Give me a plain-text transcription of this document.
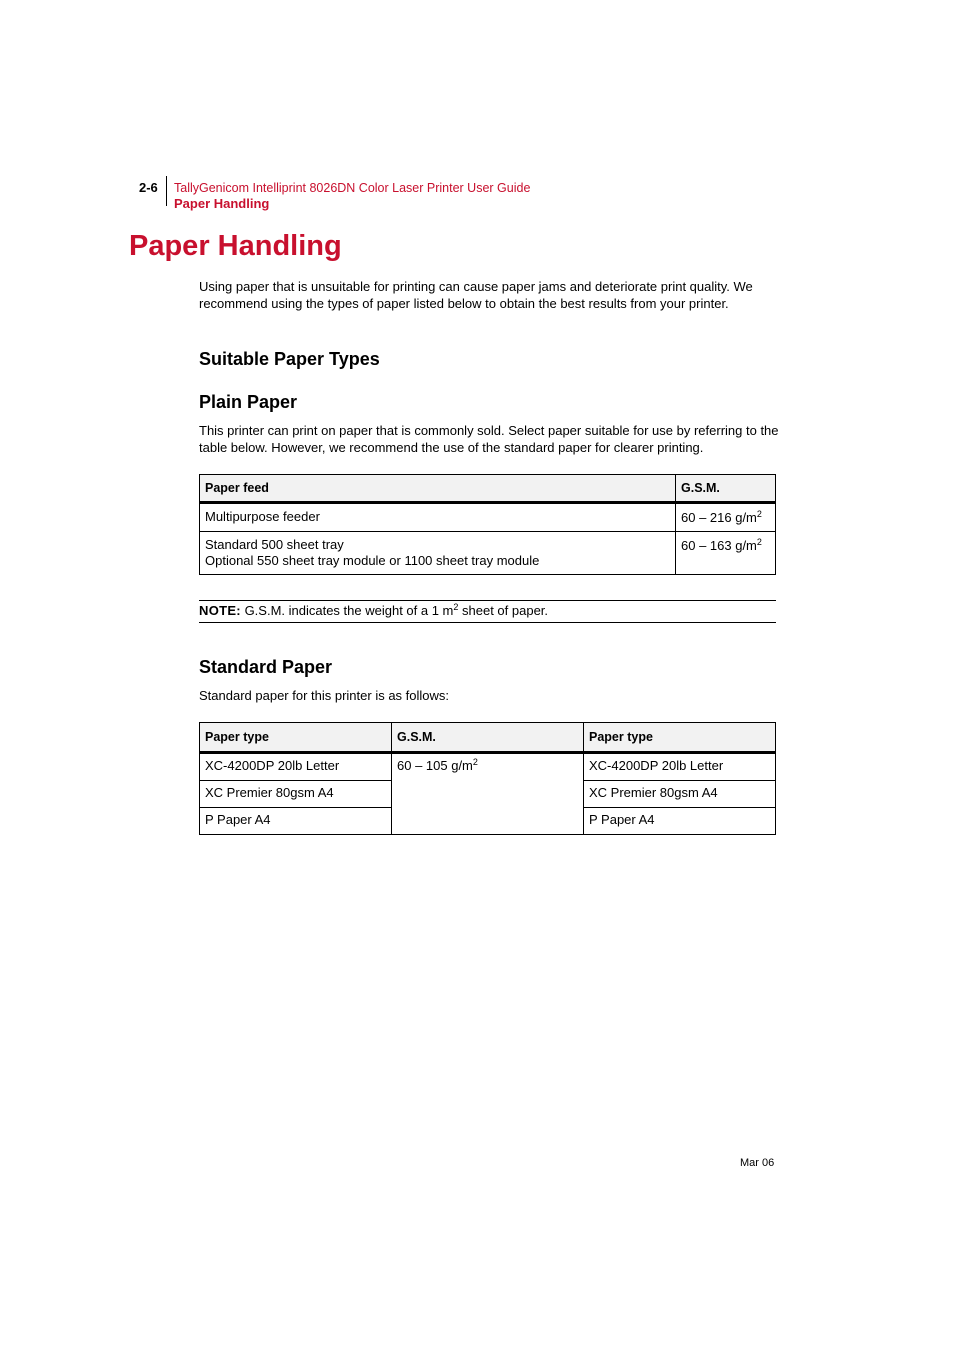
2-6 TallyGenicom Intelliprint 8026DN Color Laser Printer User Guide
Paper Handling
Paper Handling

Using paper that is unsuitable for printing can cause paper jams and deteriorate print quality. We recommend using the types of paper listed below to obtain the best results from your printer.

Suitable Paper Types
Plain Paper

This printer can print on paper that is commonly sold. Select paper suitable for use by referring to the table below. However, we recommend the use of the standard paper for clearer printing.

Paper feed	G.S.M.

Multipurpose feeder	60 – 216 $g/m^2$

Standard 500 sheet tray
Optional 550 sheet tray module or 1100 sheet tray module	60 – 163 $g/m^2$
NOTE: G.S.M. indicates the weight of a 1 $m^2$ sheet of paper.
Standard Paper

Standard paper for this printer is as follows:

Paper type	G.S.M.	Paper type
XC-4200DP 20lb Letter	60 – 105 $g/m^2$	XC-4200DP 20lb Letter
XC Premier 80gsm A4		XC Premier 80gsm A4
P Paper A4		P Paper A4
Mar 06
